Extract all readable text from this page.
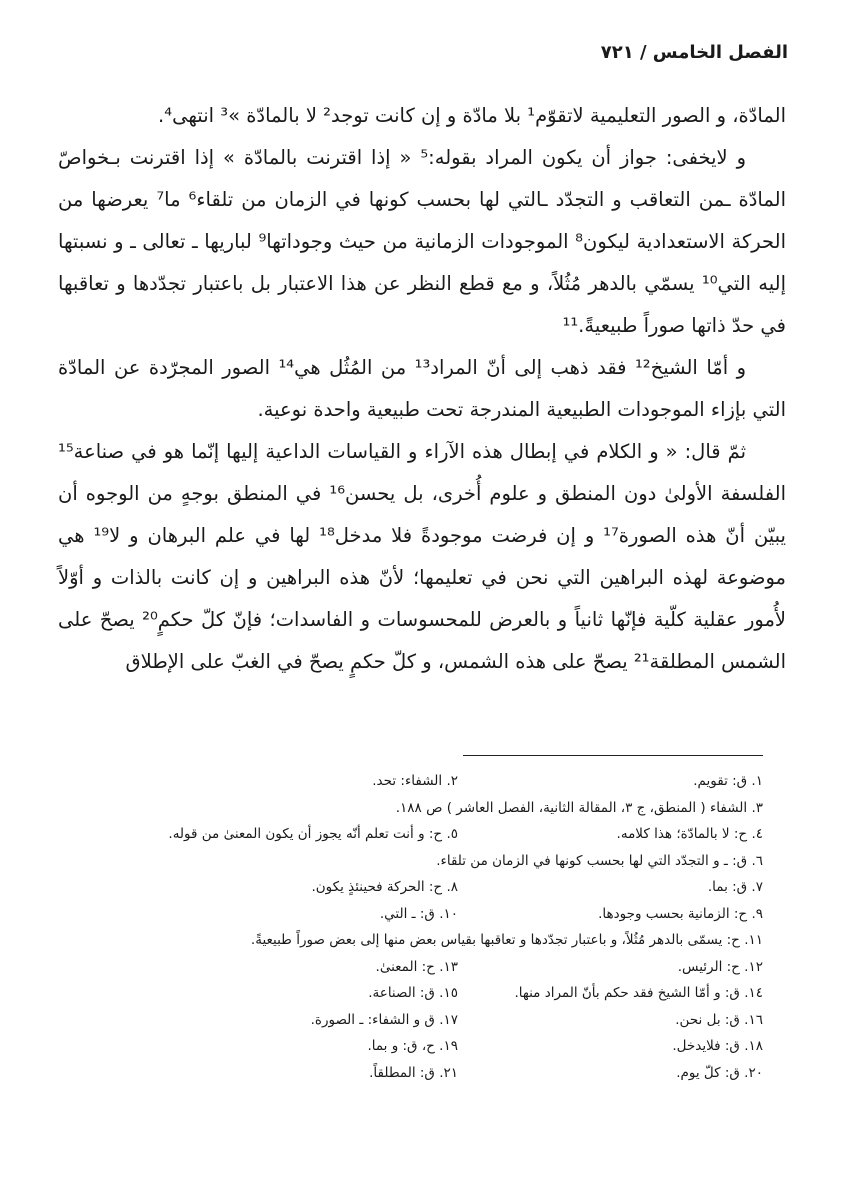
الفصل الخامس / ٧٢١

المادّة، و الصور التعليمية لاتقوّم¹ بلا مادّة و إن كانت توجد² لا بالمادّة »³ انتهى⁴.

و لايخفى: جواز أن يكون المراد بقوله:⁵ « إذا اقترنت بالمادّة » إذا اقترنت بـخواصّ المادّة ـمن التعاقب و التجدّد ـالتي لها بحسب كونها في الزمان من تلقاء⁶ ما⁷ يعرضها من الحركة الاستعدادية ليكون⁸ الموجودات الزمانية من حيث وجوداتها⁹ لباريها ـ تعالى ـ و نسبتها إليه التي¹⁰ يسمّي بالدهر مُثُلاً، و مع قطع النظر عن هذا الاعتبار بل باعتبار تجدّدها و تعاقبها في حدّ ذاتها صوراً طبيعيةً.¹¹

و أمّا الشيخ¹² فقد ذهب إلى أنّ المراد¹³ من المُثُل هي¹⁴ الصور المجرّدة عن المادّة التي بإزاء الموجودات الطبيعية المندرجة تحت طبيعية واحدة نوعية.

ثمّ قال: « و الكلام في إبطال هذه الآراء و القياسات الداعية إليها إنّما هو في صناعة¹⁵ الفلسفة الأولىٰ دون المنطق و علوم أُخرى، بل يحسن¹⁶ في المنطق بوجهٍ من الوجوه أن يبيّن أنّ هذه الصورة¹⁷ و إن فرضت موجودةً فلا مدخل¹⁸ لها في علم البرهان و لا¹⁹ هي موضوعة لهذه البراهين التي نحن في تعليمها؛ لأنّ هذه البراهين و إن كانت بالذات و أوّلاً لأُمور عقلية كلّية فإنّها ثانياً و بالعرض للمحسوسات و الفاسدات؛ فإنّ كلّ حكمٍ²⁰ يصحّ على الشمس المطلقة²¹ يصحّ على هذه الشمس، و كلّ حكمٍ يصحّ في الغبّ على الإطلاق

١. ق: تقويم.
٢. الشفاء: تحد.
٣. الشفاء ( المنطق، ج ٣، المقالة الثانية، الفصل العاشر ) ص ١٨٨.
٤. ح: لا بالمادّة؛ هذا كلامه.
٥. ح: و أنت تعلم أنّه يجوز أن يكون المعنىٰ من قوله.
٦. ق: ـ و التجدّد التي لها بحسب كونها في الزمان من تلقاء.
٧. ق: بما.
٨. ح: الحركة فحينئذٍ يكون.
٩. ح: الزمانية بحسب وجودها.
١٠. ق: ـ التي.
١١. ح: يسمّى بالدهر مُثُلاً، و باعتبار تجدّدها و تعاقبها بقياس بعض منها إلى بعض صوراً طبيعيةً.
١٢. ح: الرئيس.
١٣. ح: المعنىٰ.
١٤. ق: و أمّا الشيخ فقد حكم بأنّ المراد منها.
١٥. ق: الصناعة.
١٦. ق: بل نحن.
١٧. ق و الشفاء: ـ الصورة.
١٨. ق: فلايدخل.
١٩. ح، ق: و بما.
٢٠. ق: كلّ يوم.
٢١. ق: المطلقاً.
